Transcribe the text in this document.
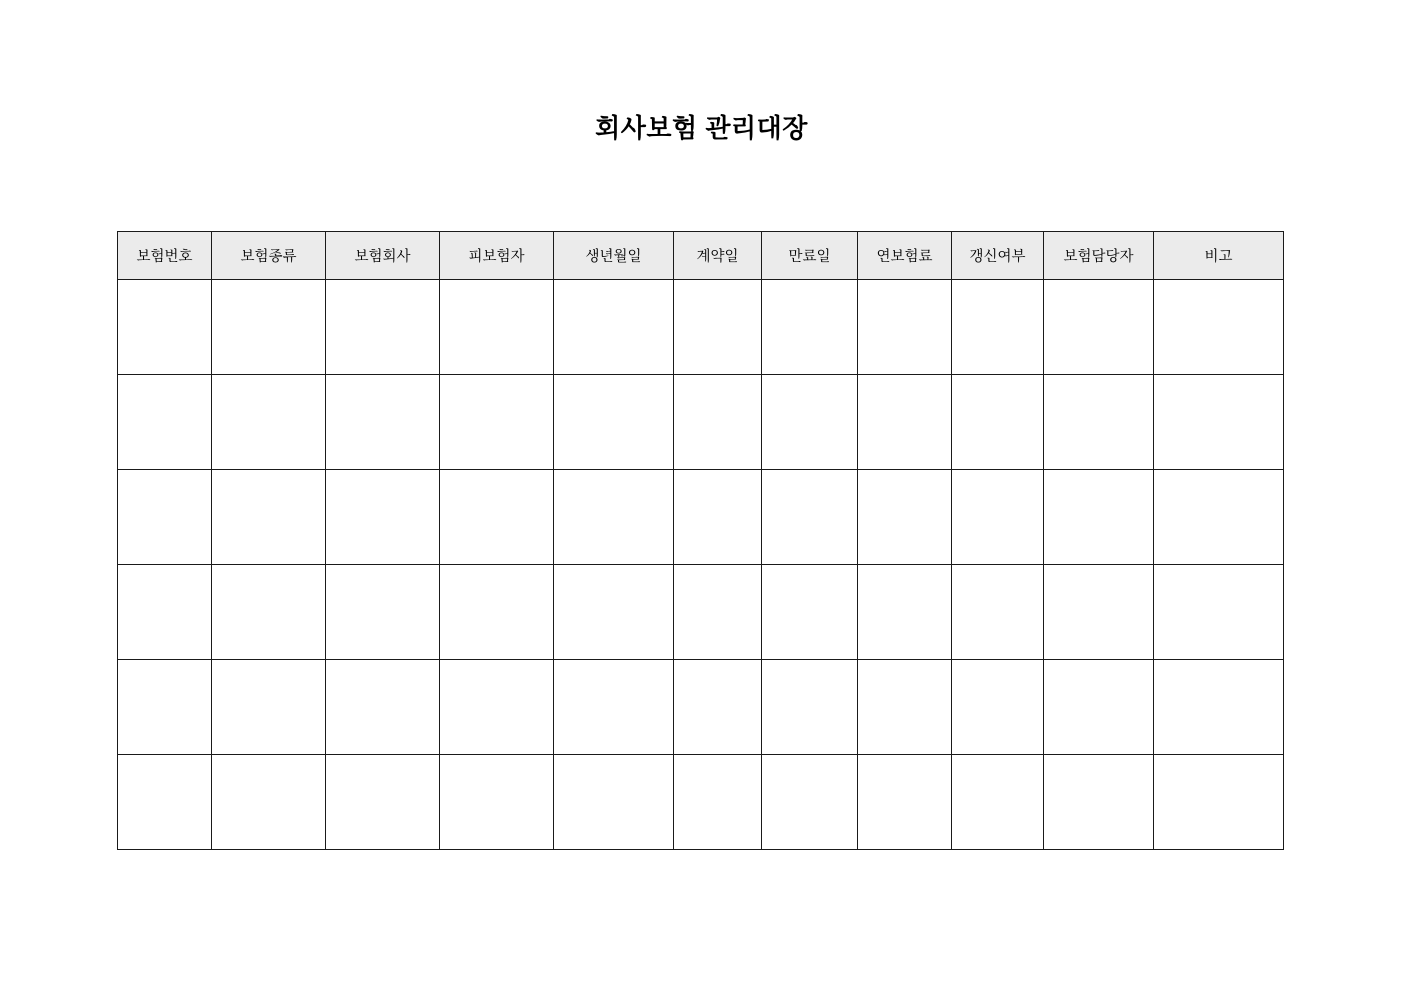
회사보험 관리대장
보험번호	보험종류	보험회사	피보험자	생년월일	계약일	만료일	연보험료	갱신여부	보험담당자	비고
